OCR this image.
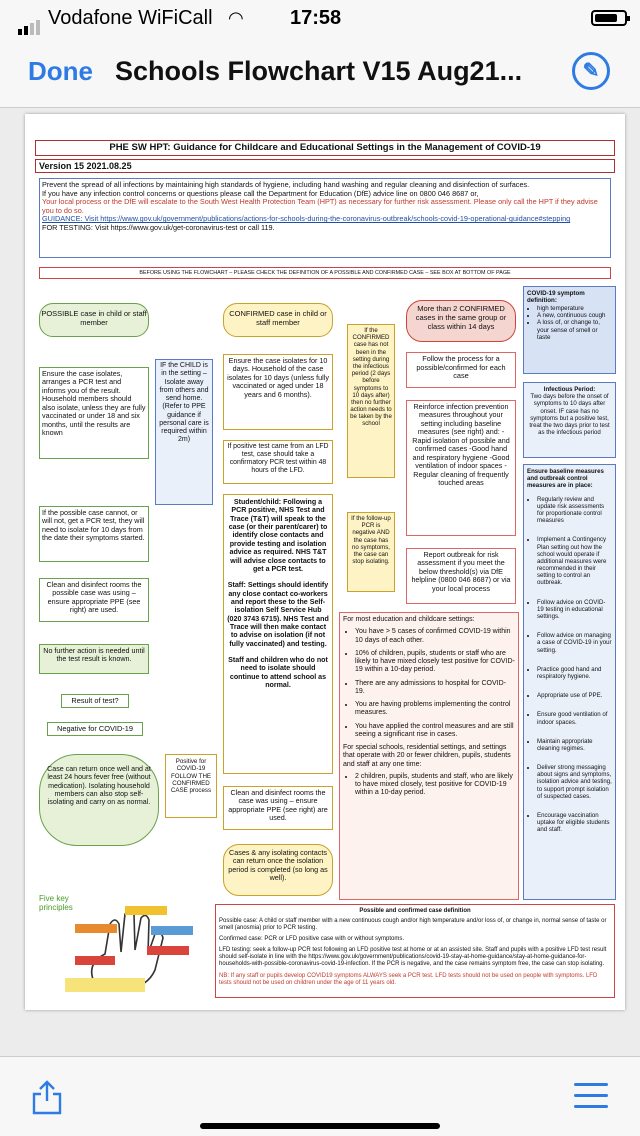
Vodafone WiFiCall ◠ 17:58
Done Schools Flowchart V15 Aug21...	✎
PHE SW HPT: Guidance for Childcare and Educational Settings in the Management of COVID-19
Version 15 2021.08.25
Prevent the spread of all infections by maintaining high standards of hygiene, including hand washing and regular cleaning and disinfection of surfaces.
If you have any infection control concerns or questions please call the Department for Education (DfE) advice line on 0800 046 8687 or,
Your local process or the DfE will escalate to the South West Health Protection Team (HPT) as necessary for further risk assessment. Please only call the HPT if they advise you to do so.
GUIDANCE: Visit https://www.gov.uk/government/publications/actions-for-schools-during-the-coronavirus-outbreak/schools-covid-19-operational-guidance#stepping
FOR TESTING: Visit https://www.gov.uk/get-coronavirus-test or call 119.
BEFORE USING THE FLOWCHART – PLEASE CHECK THE DEFINITION OF A POSSIBLE AND CONFIRMED CASE – SEE BOX AT BOTTOM OF PAGE
POSSIBLE case in child or staff member
CONFIRMED case in child or staff member
More than 2 CONFIRMED cases in the same group or class within 14 days
Ensure the case isolates, arranges a PCR test and informs you of the result. Household members should also isolate, unless they are fully vaccinated or under 18 and six months, until the results are known
IF the CHILD is in the setting – Isolate away from others and send home. (Refer to PPE guidance if personal care is required within 2m)
If the possible case cannot, or will not, get a PCR test, they will need to isolate for 10 days from the date their symptoms started.
Clean and disinfect rooms the possible case was using – ensure appropriate PPE (see right) are used.
No further action is needed until the test result is known.
Result of test?
Negative for COVID-19
Case can return once well and at least 24 hours fever free (without medication). Isolating household members can also stop self-isolating and carry on as normal.
Positive for COVID-19 FOLLOW THE CONFIRMED CASE process
Ensure the case isolates for 10 days. Household of the case isolates for 10 days (unless fully vaccinated or aged under 18 years and 6 months).
If positive test came from an LFD test, case should take a confirmatory PCR test within 48 hours of the LFD.
Student/child: Following a PCR positive, NHS Test and Trace (T&T) will speak to the case (or their parent/carer) to identify close contacts and provide testing and isolation advice as required. NHS T&T will advise close contacts to get a PCR test.
Staff: Settings should identify any close contact co-workers and report these to the Self-isolation Self Service Hub (020 3743 6715). NHS Test and Trace will then make contact to advise on isolation (if not fully vaccinated) and testing.
Staff and children who do not need to isolate should continue to attend school as normal.
Clean and disinfect rooms the case was using – ensure appropriate PPE (see right) are used.
Cases & any isolating contacts can return once the isolation period is completed (so long as well).
If the CONFIRMED case has not been in the setting during the infectious period (2 days before symptoms to 10 days after) then no further action needs to be taken by the school
If the follow-up PCR is negative AND the case has no symptoms, the case can stop isolating.
Follow the process for a possible/confirmed for each case
Reinforce infection prevention measures throughout your setting including baseline measures (see right) and: - Rapid isolation of possible and confirmed cases -Good hand and respiratory hygiene -Good ventilation of indoor spaces -Regular cleaning of frequently touched areas
Report outbreak for risk assessment if you meet the below threshold(s) via DfE helpline (0800 046 8687) or via your local process
For most education and childcare settings:
• You have > 5 cases of confirmed COVID-19 within 10 days of each other.
• 10% of children, pupils, students or staff who are likely to have mixed closely test positive for COVID-19 within a 10-day period.
• There are any admissions to hospital for COVID-19.
• You are having problems implementing the control measures.
• You have applied the control measures and are still seeing a significant rise in cases.
For special schools, residential settings, and settings that operate with 20 or fewer children, pupils, students and staff at any one time:
• 2 children, pupils, students and staff, who are likely to have mixed closely, test positive for COVID-19 within a 10-day period.
COVID-19 symptom definition:
• high temperature
• A new, continuous cough
• A loss of, or change to, your sense of smell or taste
Infectious Period:
Two days before the onset of symptoms to 10 days after onset. IF case has no symptoms but a positive test, treat the two days prior to test as the infectious period
Ensure baseline measures and outbreak control measures are in place:
• Regularly review and update risk assessments for proportionate control measures
• Implement a Contingency Plan setting out how the school would operate if additional measures were recommended in their setting to control an outbreak.
• Follow advice on COVID-19 testing in educational settings.
• Follow advice on managing a case of COVID-19 in your setting.
• Practice good hand and respiratory hygiene.
• Appropriate use of PPE.
• Ensure good ventilation of indoor spaces.
• Maintain appropriate cleaning regimes.
• Deliver strong messaging about signs and symptoms, isolation advice and testing, to support prompt isolation of suspected cases.
• Encourage vaccination uptake for eligible students and staff.
Five key principles	Possible and confirmed case definition
Possible case: A child or staff member with a new continuous cough and/or high temperature and/or loss of, or change in, normal sense of taste or smell (anosmia) prior to PCR testing.
Confirmed case: PCR or LFD positive case with or without symptoms.
LFD testing: seek a follow-up PCR test following an LFD positive test at home or at an assisted site. Staff and pupils with a positive LFD test result should self-isolate in line with the https://www.gov.uk/government/publications/covid-19-stay-at-home-guidance/stay-at-home-guidance-for-households-with-possible-coronavirus-covid-19-infection. If the PCR is negative, and the case remains symptom free, the case can stop isolating.
NB: If any staff or pupils develop COVID19 symptoms ALWAYS seek a PCR test. LFD tests should not be used on people with symptoms. LFD tests should not be used on children under the age of 11 years old.
